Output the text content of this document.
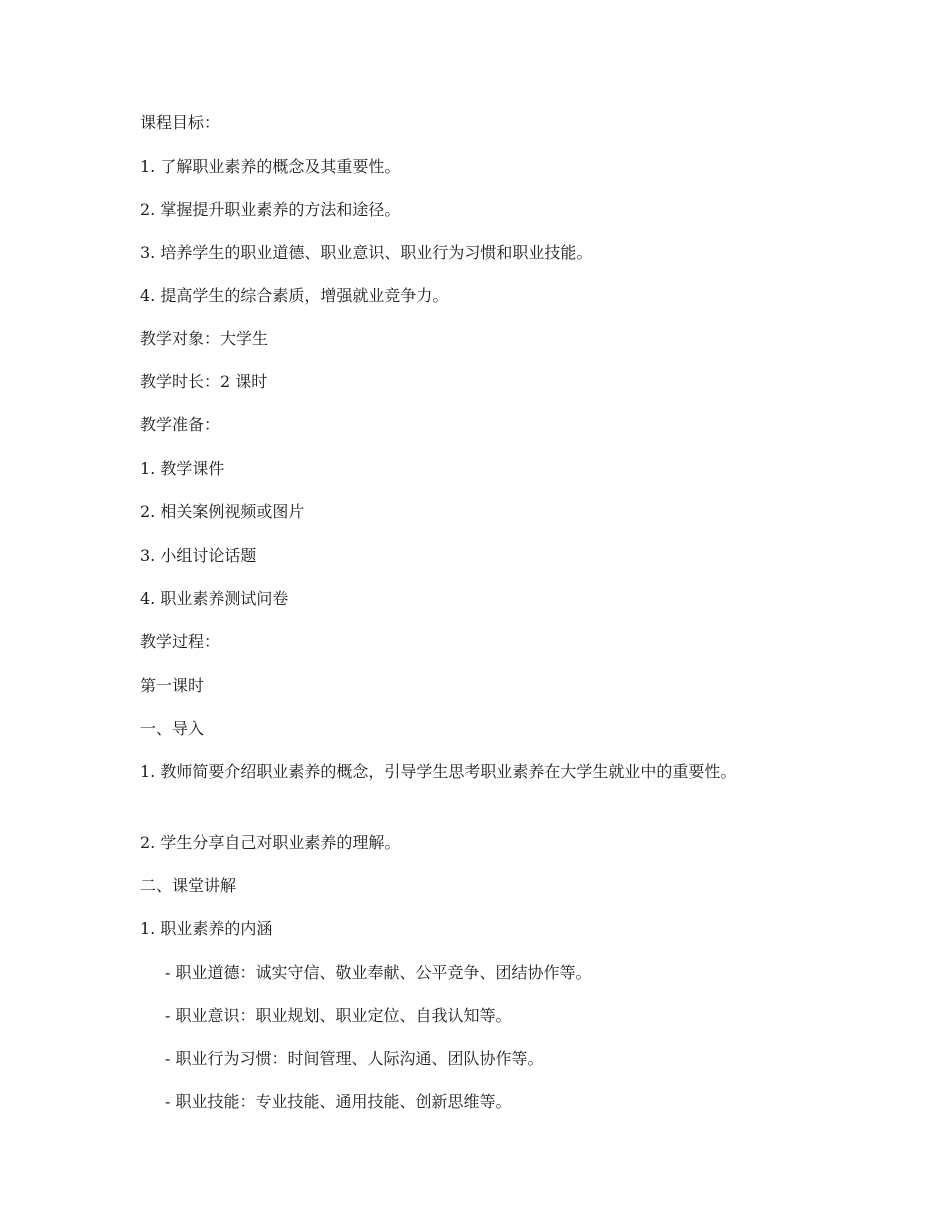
课程目标：

1. 了解职业素养的概念及其重要性。

2. 掌握提升职业素养的方法和途径。

3. 培养学生的职业道德、职业意识、职业行为习惯和职业技能。

4. 提高学生的综合素质，增强就业竞争力。

教学对象：大学生

教学时长：2 课时

教学准备：

1. 教学课件

2. 相关案例视频或图片

3. 小组讨论话题

4. 职业素养测试问卷

教学过程：

第一课时

一、导入

1. 教师简要介绍职业素养的概念，引导学生思考职业素养在大学生就业中的重要性。

2. 学生分享自己对职业素养的理解。

二、课堂讲解

1. 职业素养的内涵

- 职业道德：诚实守信、敬业奉献、公平竞争、团结协作等。

- 职业意识：职业规划、职业定位、自我认知等。

- 职业行为习惯：时间管理、人际沟通、团队协作等。

- 职业技能：专业技能、通用技能、创新思维等。
